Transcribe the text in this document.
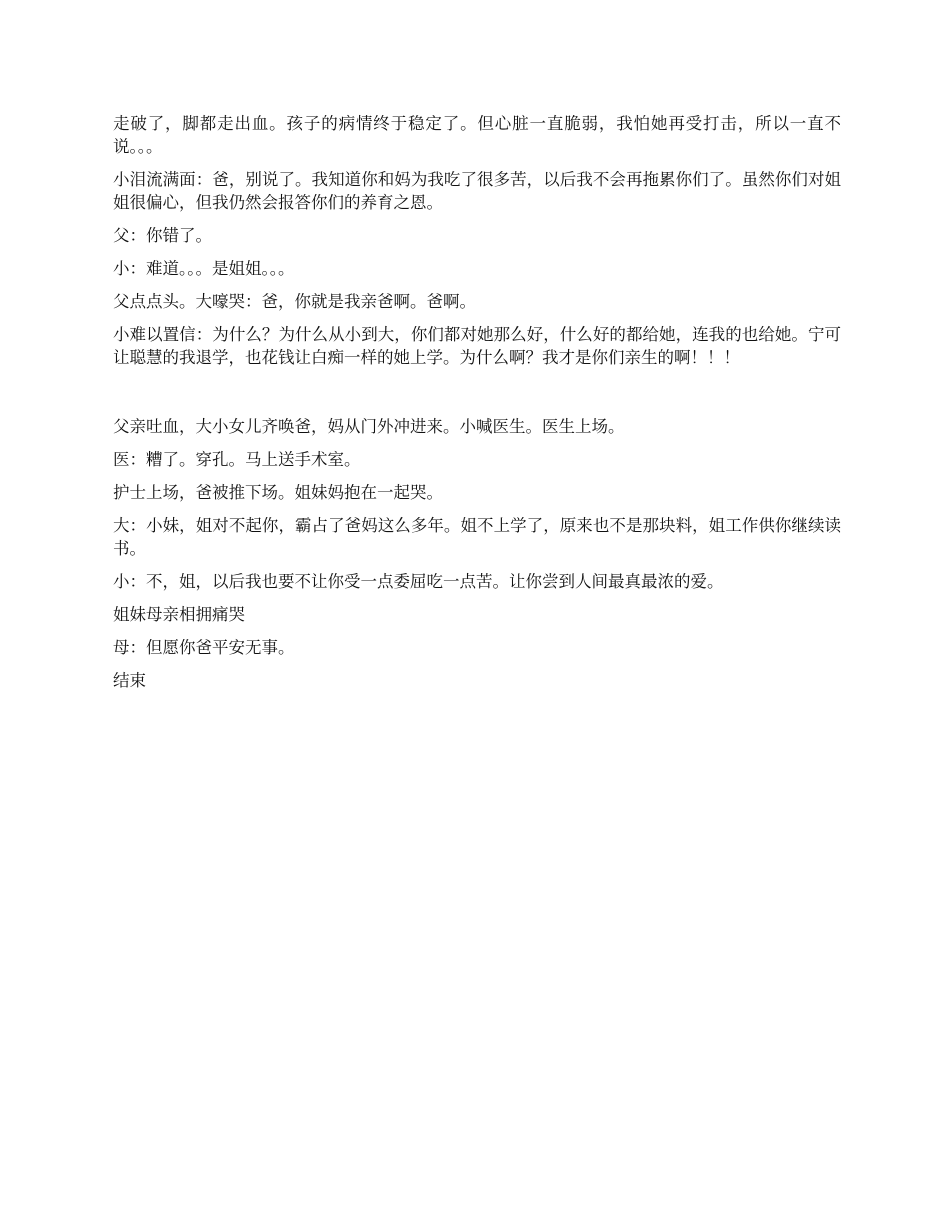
走破了，脚都走出血。孩子的病情终于稳定了。但心脏一直脆弱，我怕她再受打击，所以一直不说。。。

小泪流满面：爸，别说了。我知道你和妈为我吃了很多苦，以后我不会再拖累你们了。虽然你们对姐姐很偏心，但我仍然会报答你们的养育之恩。

父：你错了。

小：难道。。。是姐姐。。。

父点点头。大嚎哭：爸，你就是我亲爸啊。爸啊。

小难以置信：为什么？为什么从小到大，你们都对她那么好，什么好的都给她，连我的也给她。宁可让聪慧的我退学，也花钱让白痴一样的她上学。为什么啊？我才是你们亲生的啊！！！

父亲吐血，大小女儿齐唤爸，妈从门外冲进来。小喊医生。医生上场。

医：糟了。穿孔。马上送手术室。

护士上场，爸被推下场。姐妹妈抱在一起哭。

大：小妹，姐对不起你，霸占了爸妈这么多年。姐不上学了，原来也不是那块料，姐工作供你继续读书。

小：不，姐，以后我也要不让你受一点委屈吃一点苦。让你尝到人间最真最浓的爱。

姐妹母亲相拥痛哭

母：但愿你爸平安无事。

结束
